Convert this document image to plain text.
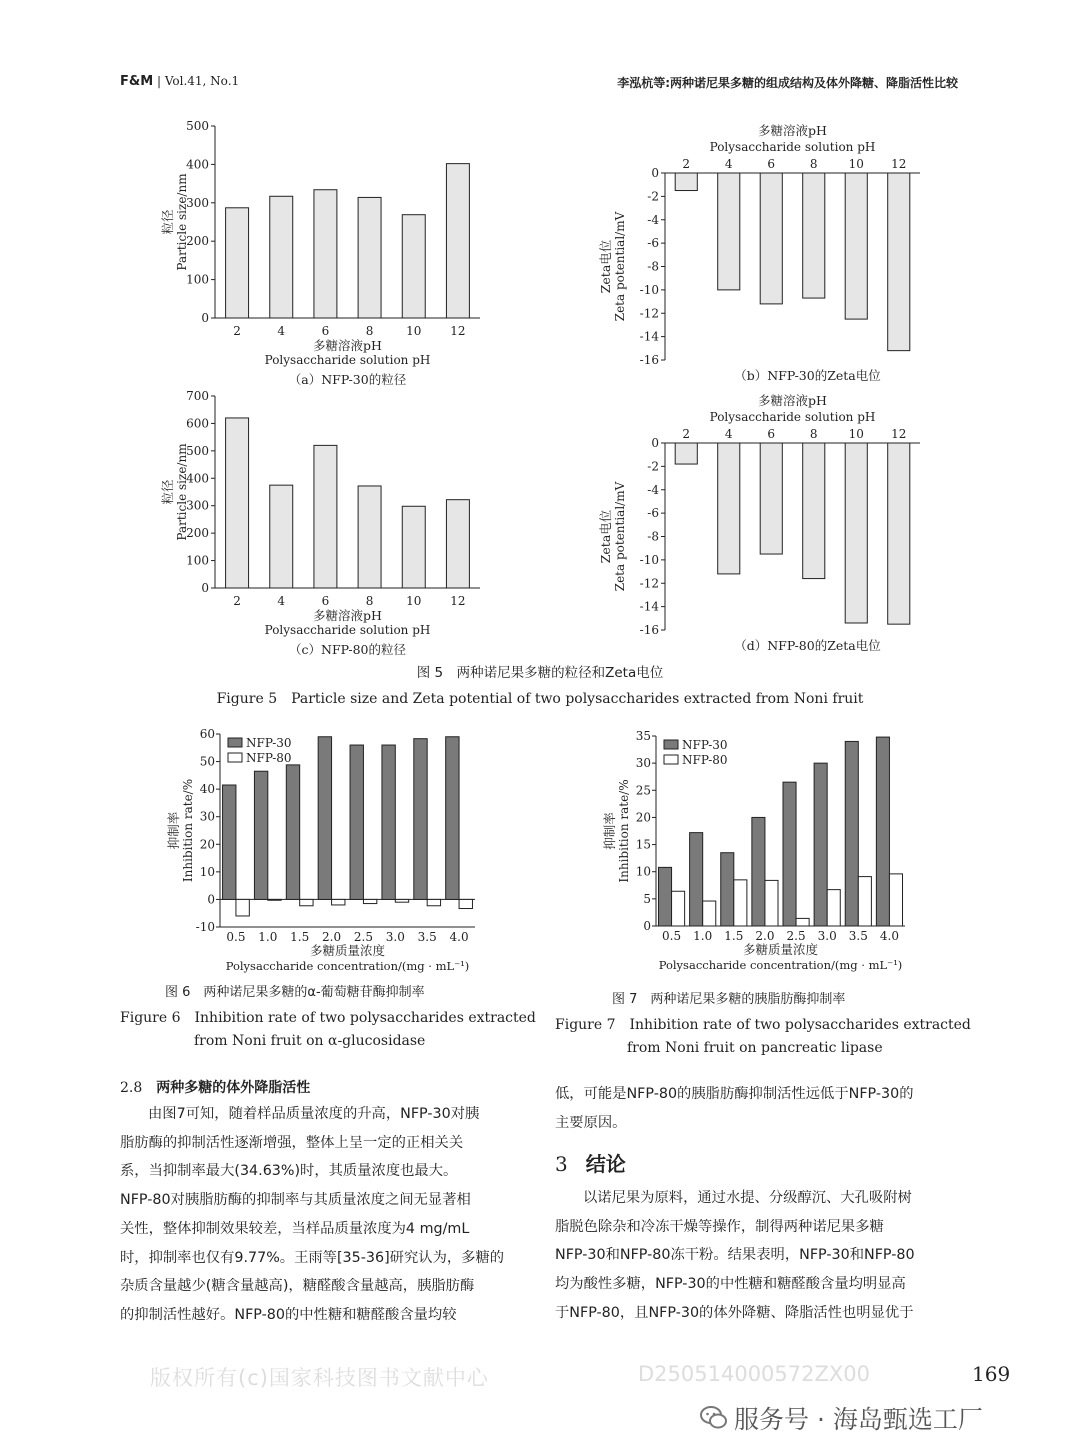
F&M | Vol.41, No.1	李泓杭等:两种诺尼果多糖的组成结构及体外降糖、降脂活性比较
0
100
200
300
400
500
2	4	6	8	10 12
多糖溶液pH
Polysaccharide solution pH
（a）NFP-30的粒径
粒径 Particle size/nm
0
-2
-4
-6
-8
-10
-12
-14
-16
2	4	6	8	10 12
多糖溶液pH
Polysaccharide solution pH
（b）NFP-30的Zeta电位
Zeta电位 Zeta potential/mV
0
100
200
300
400
500
600
700
2	4	6	8	10 12
多糖溶液pH
Polysaccharide solution pH
（c）NFP-80的粒径
粒径 Particle size/nm
0
-2
-4
-6
-8
-10
-12
-14
-16
2	4	6	8	10 12
多糖溶液pH
Polysaccharide solution pH
（d）NFP-80的Zeta电位
Zeta电位 Zeta potential/mV
图 5　两种诺尼果多糖的粒径和Zeta电位
Figure 5　Particle size and Zeta potential of two polysaccharides extracted from Noni fruit
-10
0
10
20
30
40
50
60
0.5 1.0 1.5 2.0 2.5 3.0 3.5 4.0
NFP-30
NFP-80
多糖质量浓度
Polysaccharide concentration/(mg · mL⁻¹)
抑制率 Inhibition rate/%
0
5
10
15
20
25
30
35
0.5 1.0 1.5 2.0 2.5 3.0 3.5 4.0
NFP-30
NFP-80
多糖质量浓度
Polysaccharide concentration/(mg · mL⁻¹)
抑制率 Inhibition rate/%
图 6　两种诺尼果多糖的α-葡萄糖苷酶抑制率
Figure 6　Inhibition rate of two polysaccharides extracted
from Noni fruit on α-glucosidase
图 7　两种诺尼果多糖的胰脂肪酶抑制率
Figure 7　Inhibition rate of two polysaccharides extracted
from Noni fruit on pancreatic lipase
2.8 两种多糖的体外降脂活性
由图7可知，随着样品质量浓度的升高，NFP-30对胰
脂肪酶的抑制活性逐渐增强，整体上呈一定的正相关关
系，当抑制率最大(34.63%)时，其质量浓度也最大。
NFP-80对胰脂肪酶的抑制率与其质量浓度之间无显著相
关性，整体抑制效果较差，当样品质量浓度为4 mg/mL
时，抑制率也仅有9.77%。王雨等[35-36]研究认为，多糖的
杂质含量越少(糖含量越高)，糖醛酸含量越高，胰脂肪酶
的抑制活性越好。NFP-80的中性糖和糖醛酸含量均较
低，可能是NFP-80的胰脂肪酶抑制活性远低于NFP-30的
主要原因。
3 结论
以诺尼果为原料，通过水提、分级醇沉、大孔吸附树
脂脱色除杂和冷冻干燥等操作，制得两种诺尼果多糖
NFP-30和NFP-80冻干粉。结果表明，NFP-30和NFP-80
均为酸性多糖，NFP-30的中性糖和糖醛酸含量均明显高
于NFP-80，且NFP-30的体外降糖、降脂活性也明显优于
版权所有(c)国家科技图书文献中心	D250514000572ZX00	169
服务号 · 海岛甄选工厂
